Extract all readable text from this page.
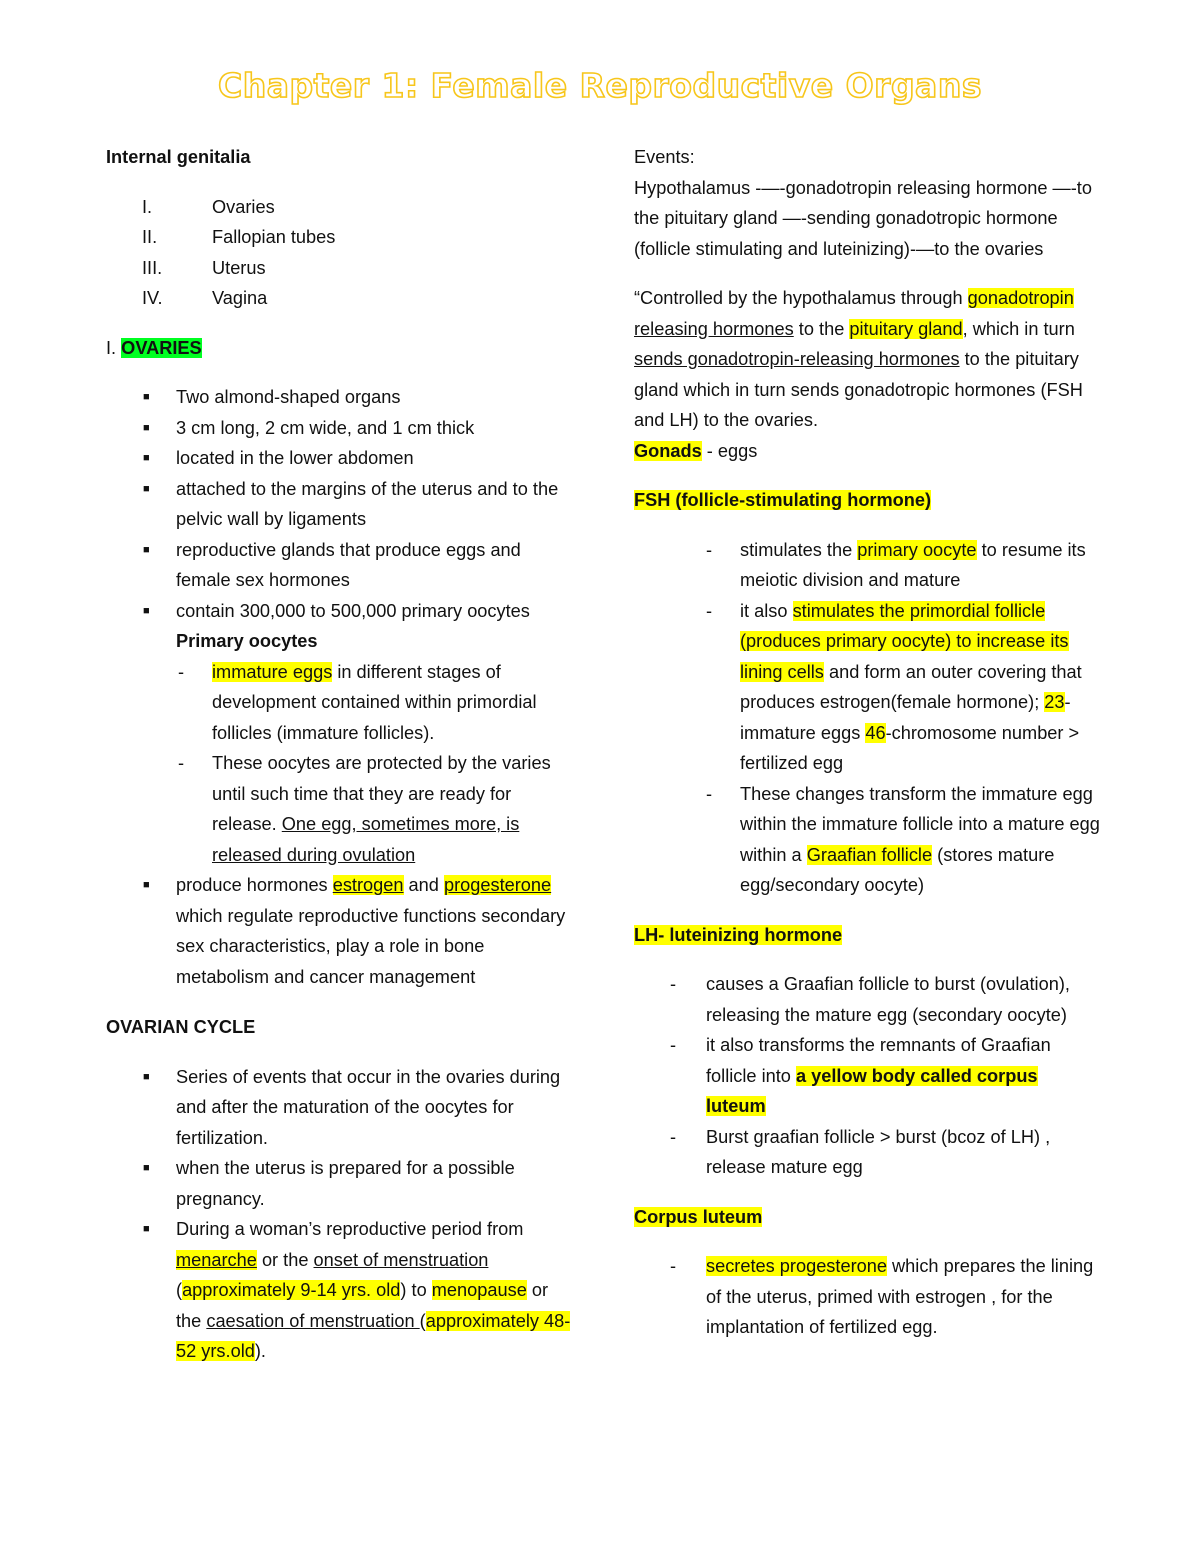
Chapter 1: Female Reproductive Organs

Internal genitalia

I.	Ovaries
II.	Fallopian tubes
III.	Uterus
IV.	Vagina

I. OVARIES

■ Two almond-shaped organs
■ 3 cm long, 2 cm wide, and 1 cm thick
■ located in the lower abdomen
■ attached to the margins of the uterus and to the pelvic wall by ligaments
■ reproductive glands that produce eggs and female sex hormones
■ contain 300,000 to 500,000 primary oocytes
Primary oocytes
- immature eggs in different stages of development contained within primordial follicles (immature follicles).
- These oocytes are protected by the varies until such time that they are ready for release. One egg, sometimes more, is released during ovulation
■ produce hormones estrogen and progesterone which regulate reproductive functions secondary sex characteristics, play a role in bone metabolism and cancer management

OVARIAN CYCLE

■ Series of events that occur in the ovaries during and after the maturation of the oocytes for fertilization.
■ when the uterus is prepared for a possible pregnancy.
■ During a woman’s reproductive period from menarche or the onset of menstruation (approximately 9-14 yrs. old) to menopause or the caesation of menstruation (approximately 48-52 yrs.old).

Events:

Hypothalamus -—-gonadotropin releasing hormone —-to the pituitary gland —-sending gonadotropic hormone (follicle stimulating and luteinizing)-—to the ovaries

“Controlled by the hypothalamus through gonadotropin releasing hormones to the pituitary gland, which in turn sends gonadotropin-releasing hormones to the pituitary gland which in turn sends gonadotropic hormones (FSH and LH) to the ovaries.
Gonads - eggs

FSH (follicle-stimulating hormone)

- stimulates the primary oocyte to resume its meiotic division and mature
- it also stimulates the primordial follicle (produces primary oocyte) to increase its lining cells and form an outer covering that produces estrogen(female hormone); 23-immature eggs 46-chromosome number > fertilized egg
- These changes transform the immature egg within the immature follicle into a mature egg within a Graafian follicle (stores mature egg/secondary oocyte)

LH- luteinizing hormone

- causes a Graafian follicle to burst (ovulation), releasing the mature egg (secondary oocyte)
- it also transforms the remnants of Graafian follicle into a yellow body called corpus luteum
- Burst graafian follicle > burst (bcoz of LH) , release mature egg

Corpus luteum

- secretes progesterone which prepares the lining of the uterus, primed with estrogen , for the implantation of fertilized egg.
